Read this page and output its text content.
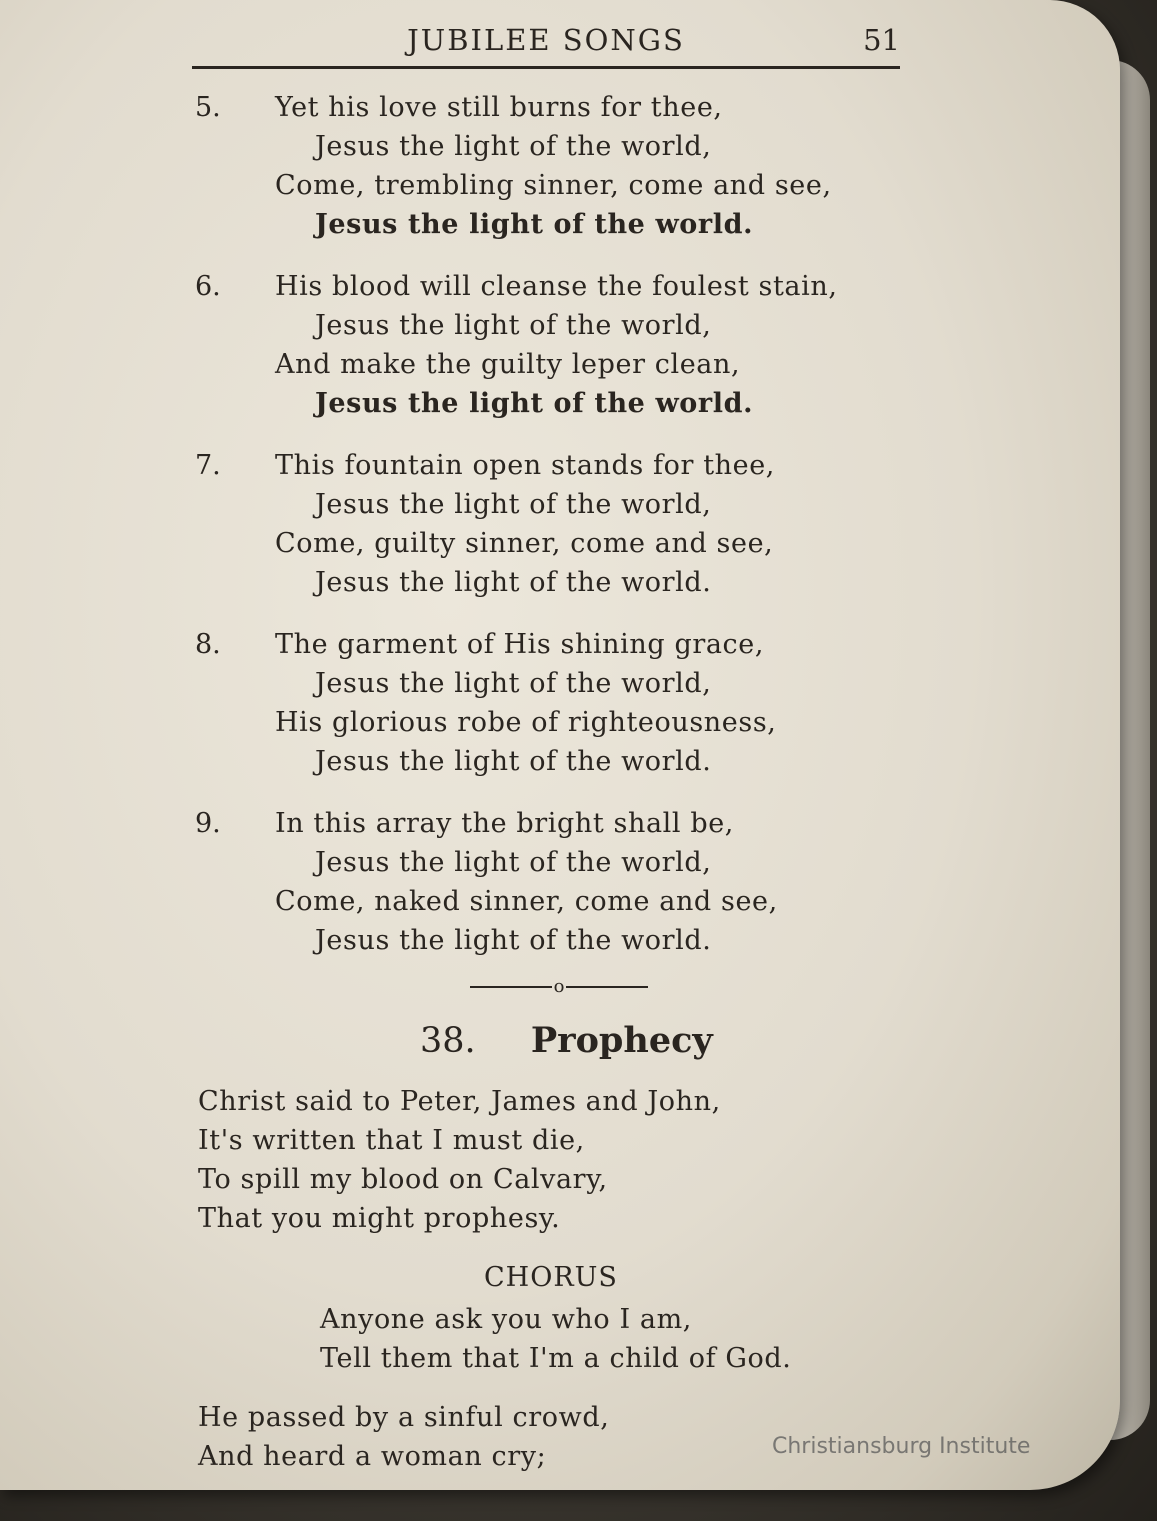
JUBILEE SONGS	51
5. Yet his love still burns for thee,
Jesus the light of the world,
Come, trembling sinner, come and see,
Jesus the light of the world.
6. His blood will cleanse the foulest stain,
Jesus the light of the world,
And make the guilty leper clean,
Jesus the light of the world.
7. This fountain open stands for thee,
Jesus the light of the world,
Come, guilty sinner, come and see,
Jesus the light of the world.
8. The garment of His shining grace,
Jesus the light of the world,
His glorious robe of righteousness,
Jesus the light of the world.
9. In this array the bright shall be,
Jesus the light of the world,
Come, naked sinner, come and see,
Jesus the light of the world.
o
38. Prophecy
Christ said to Peter, James and John,
It's written that I must die,
To spill my blood on Calvary,
That you might prophesy.
CHORUS
Anyone ask you who I am,
Tell them that I'm a child of God.
He passed by a sinful crowd,
And heard a woman cry;	Christiansburg Institute
